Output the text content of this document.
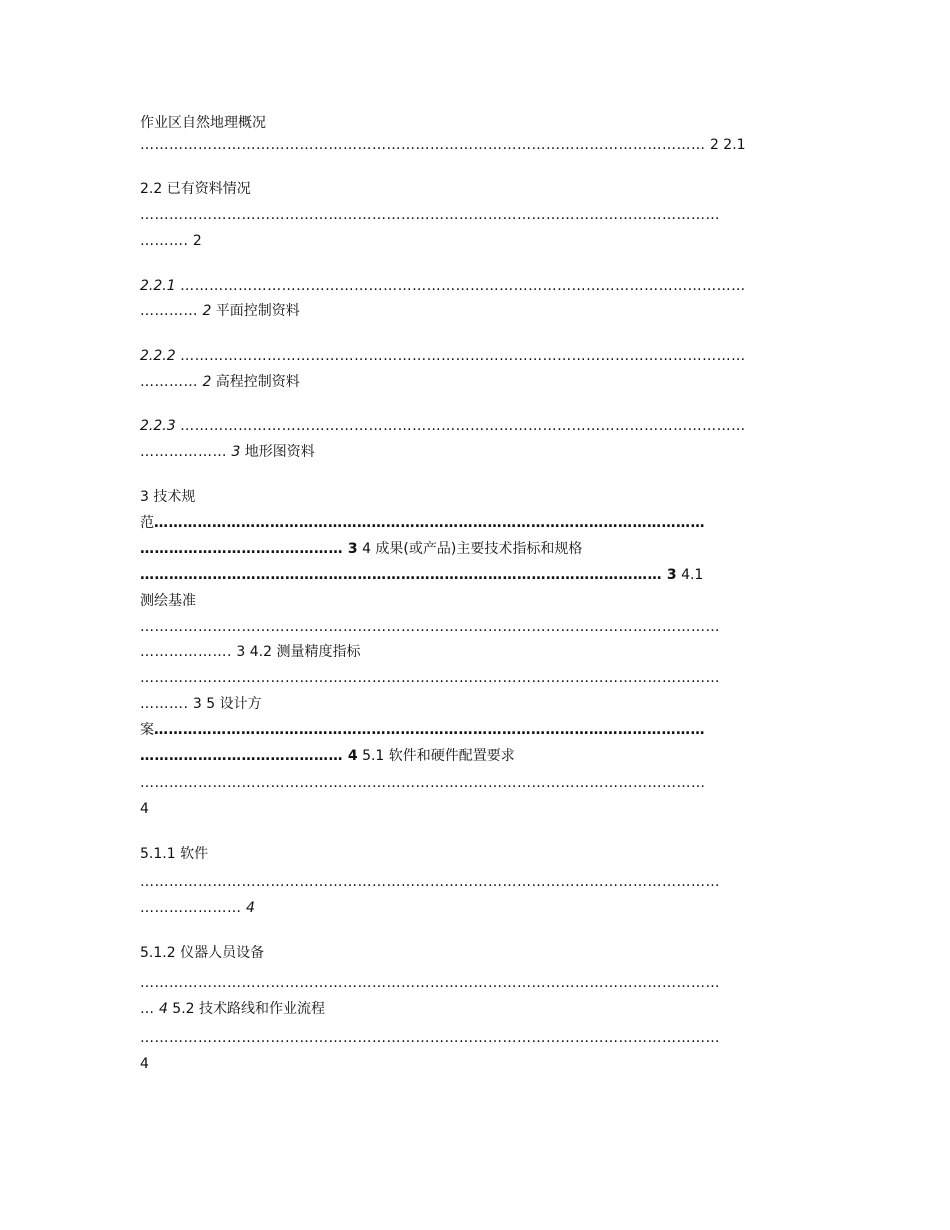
作业区自然地理概况
……………………………………………………………………………………………………… 2 2.1
2.2 已有资料情况
…………………………………………………………………………………………………………
………. 2
2.2.1 ………………………………………………………………………………………………………
………… 2 平面控制资料
2.2.2 ………………………………………………………………………………………………………
………… 2 高程控制资料
2.2.3 ………………………………………………………………………………………………………
……………… 3 地形图资料
3 技术规
范……………………………………………………………………………………………………
…………………………………… 3 4 成果(或产品)主要技术指标和规格
……………………………………………………………………………………………… 3 4.1
测绘基准
…………………………………………………………………………………………………………
………………. 3 4.2 测量精度指标
…………………………………………………………………………………………………………
………. 3 5 设计方
案……………………………………………………………………………………………………
…………………………………… 4 5.1 软件和硬件配置要求
………………………………………………………………………………………………………
4
5.1.1 软件
…………………………………………………………………………………………………………
………………… 4
5.1.2 仪器人员设备
…………………………………………………………………………………………………………
… 4 5.2 技术路线和作业流程
…………………………………………………………………………………………………………
4
